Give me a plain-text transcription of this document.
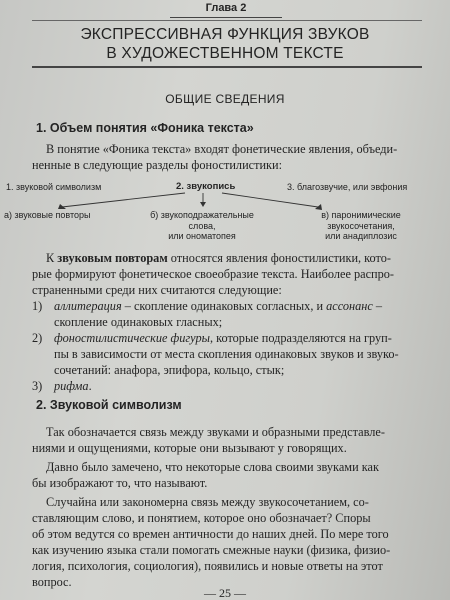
Глава 2
ЭКСПРЕССИВНАЯ ФУНКЦИЯ ЗВУКОВ
В ХУДОЖЕСТВЕННОМ ТЕКСТЕ
ОБЩИЕ СВЕДЕНИЯ
1. Объем понятия «Фоника текста»
В понятие «Фоника текста» входят фонетические явления, объеди-
ненные в следующие разделы фоностилистики:
1. звуковой символизм	2. звукопись	3. благозвучие, или эвфония
а) звуковые повторы	б) звукоподражательные
слова,
или ономатопея
в) паронимические
звукосочетания,
или анадиплозис
К звуковым повторам относятся явления фоностилистики, кото-
рые формируют фонетическое своеобразие текста. Наиболее распро-
страненными среди них считаются следующие:
1) аллитерация – скопление одинаковых согласных, и ассонанс –
скопление одинаковых гласных;
2) фоностилистические фигуры, которые подразделяются на груп-
пы в зависимости от места скопления одинаковых звуков и звуко-
сочетаний: анафора, эпифора, кольцо, стык;
3) рифма.
2. Звуковой символизм
Так обозначается связь между звуками и образными представле-
ниями и ощущениями, которые они вызывают у говорящих.
Давно было замечено, что некоторые слова своими звуками как
бы изображают то, что называют.
Случайна или закономерна связь между звукосочетанием, со-
ставляющим слово, и понятием, которое оно обозначает? Споры
об этом ведутся со времен античности до наших дней. По мере того
как изучению языка стали помогать смежные науки (физика, физио-
логия, психология, социология), появились и новые ответы на этот
вопрос.
— 25 —
